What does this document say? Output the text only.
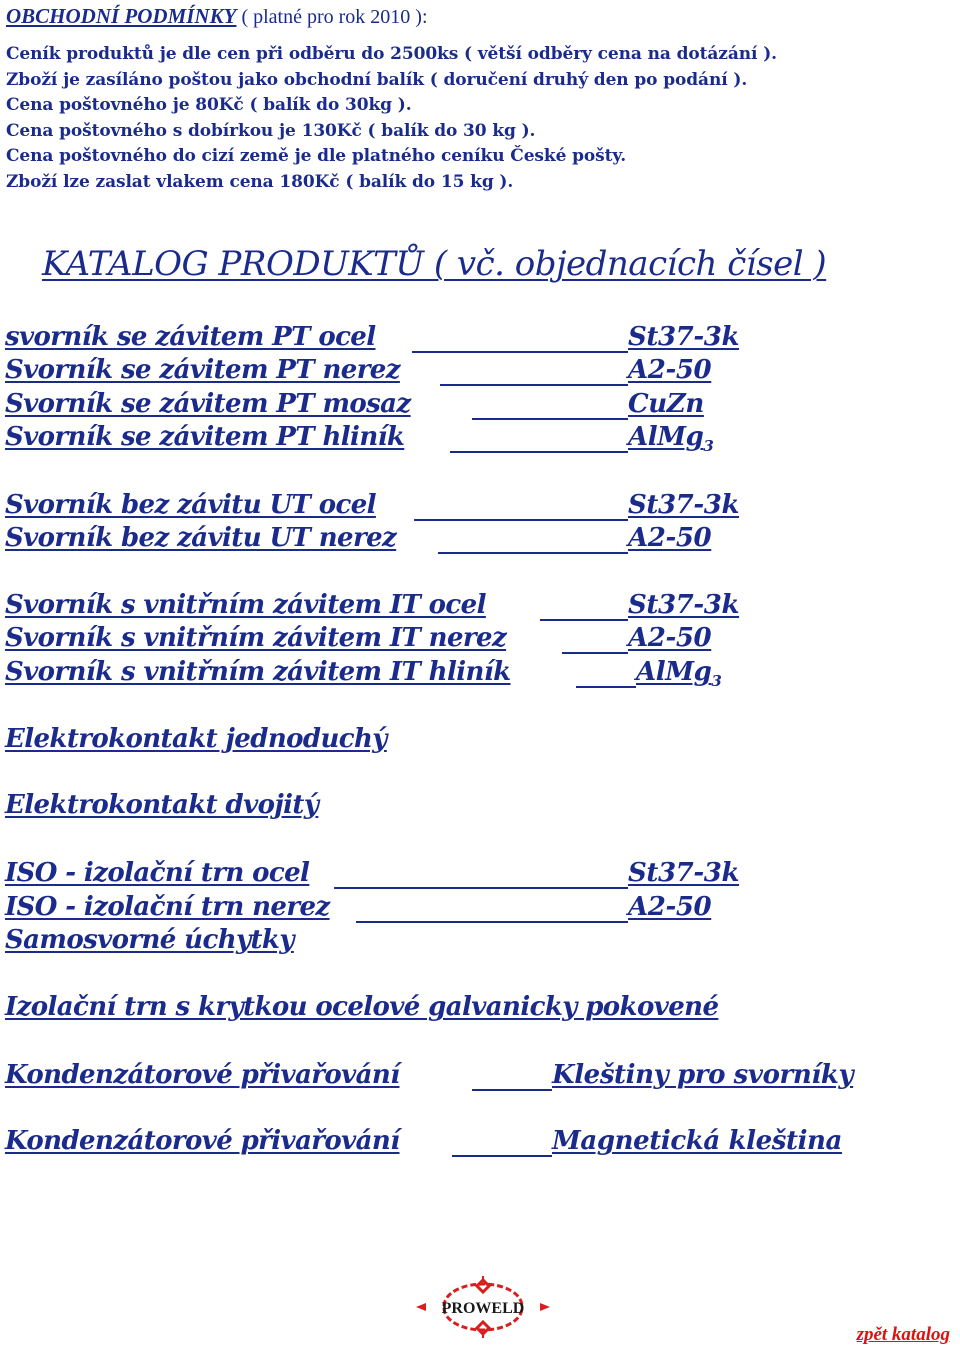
OBCHODNÍ PODMÍNKY ( platné pro rok 2010 ):
Ceník produktů je dle cen při odběru do 2500ks ( větší odběry cena na dotázání ).
Zboží je zasíláno poštou jako obchodní balík ( doručení druhý den po podání ).
Cena poštovného je 80Kč ( balík do 30kg ).
Cena poštovného s dobírkou je 130Kč ( balík do 30 kg ).
Cena poštovného do cizí země je dle platného ceníku České pošty.
Zboží lze zaslat vlakem cena 180Kč ( balík do 15 kg ).
KATALOG PRODUKTŮ ( vč. objednacích čísel )
svorník se závitem PT ocel	St37-3k
Svorník se závitem PT nerez	A2-50
Svorník se závitem PT mosaz	CuZn
Svorník se závitem PT hliník	AlMg$_3$
Svorník bez závitu UT ocel	St37-3k
Svorník bez závitu UT nerez	A2-50
Svorník s vnitřním závitem IT ocel	St37-3k
Svorník s vnitřním závitem IT nerez	A2-50
Svorník s vnitřním závitem IT hliník	AlMg$_3$
Elektrokontakt jednoduchý
Elektrokontakt dvojitý
ISO - izolační trn ocel	St37-3k
ISO - izolační trn nerez	A2-50
Samosvorné úchytky
Izolační trn s krytkou ocelové galvanicky pokovené
Kondenzátorové přivařování	Kleštiny pro svorníky
Kondenzátorové přivařování	Magnetická kleština
PROWELD
zpět katalog
